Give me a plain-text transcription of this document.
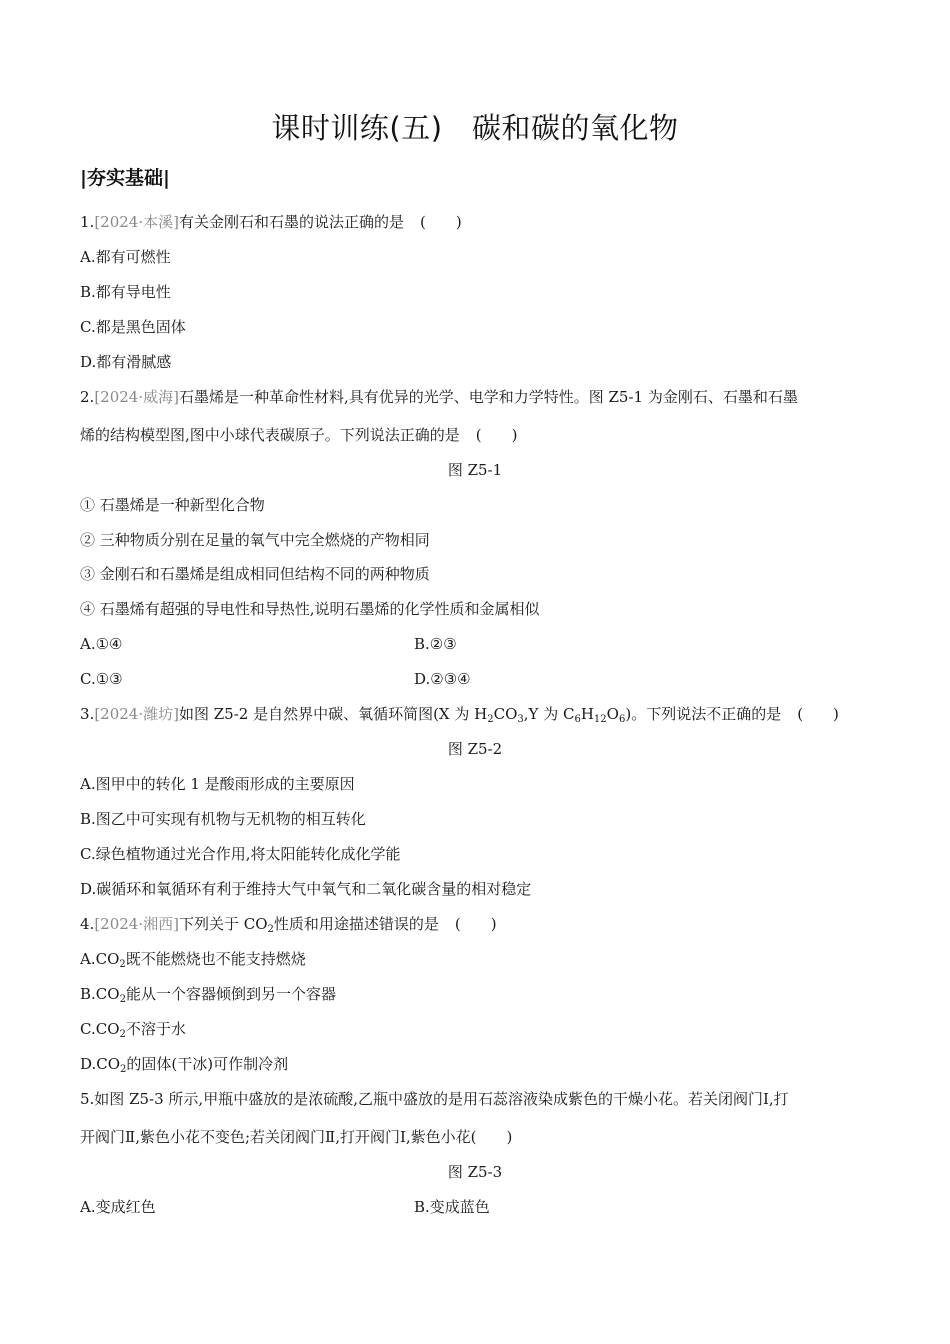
课时训练(五)　碳和碳的氧化物
|夯实基础|
1.[2024·本溪]有关金刚石和石墨的说法正确的是 (　　)
A.都有可燃性
B.都有导电性
C.都是黑色固体
D.都有滑腻感
2.[2024·威海]石墨烯是一种革命性材料,具有优异的光学、电学和力学特性。图 Z5-1 为金刚石、石墨和石墨
烯的结构模型图,图中小球代表碳原子。下列说法正确的是 (　　)
图 Z5-1
① 石墨烯是一种新型化合物
② 三种物质分别在足量的氧气中完全燃烧的产物相同
③ 金刚石和石墨烯是组成相同但结构不同的两种物质
④ 石墨烯有超强的导电性和导热性,说明石墨烯的化学性质和金属相似
A.①④	B.②③
C.①③	D.②③④
3.[2024·潍坊]如图 Z5-2 是自然界中碳、氧循环简图(X 为 $H_2CO_3,Y$ 为 $C_6H_{12}O_6$)。下列说法不正确的是 (　　)
图 Z5-2
A.图甲中的转化 1 是酸雨形成的主要原因
B.图乙中可实现有机物与无机物的相互转化
C.绿色植物通过光合作用,将太阳能转化成化学能
D.碳循环和氧循环有利于维持大气中氧气和二氧化碳含量的相对稳定
4.[2024·湘西]下列关于 $CO_2$性质和用途描述错误的是 (　　)
$A.CO_2$既不能燃烧也不能支持燃烧
$B.CO_2$能从一个容器倾倒到另一个容器
$C.CO_2$不溶于水
$D.CO_2$的固体(干冰)可作制冷剂
5.如图 Z5-3 所示,甲瓶中盛放的是浓硫酸,乙瓶中盛放的是用石蕊溶液染成紫色的干燥小花。若关闭阀门Ⅰ,打
开阀门Ⅱ,紫色小花不变色;若关闭阀门Ⅱ,打开阀门Ⅰ,紫色小花(　　)
图 Z5-3
A.变成红色	B.变成蓝色
